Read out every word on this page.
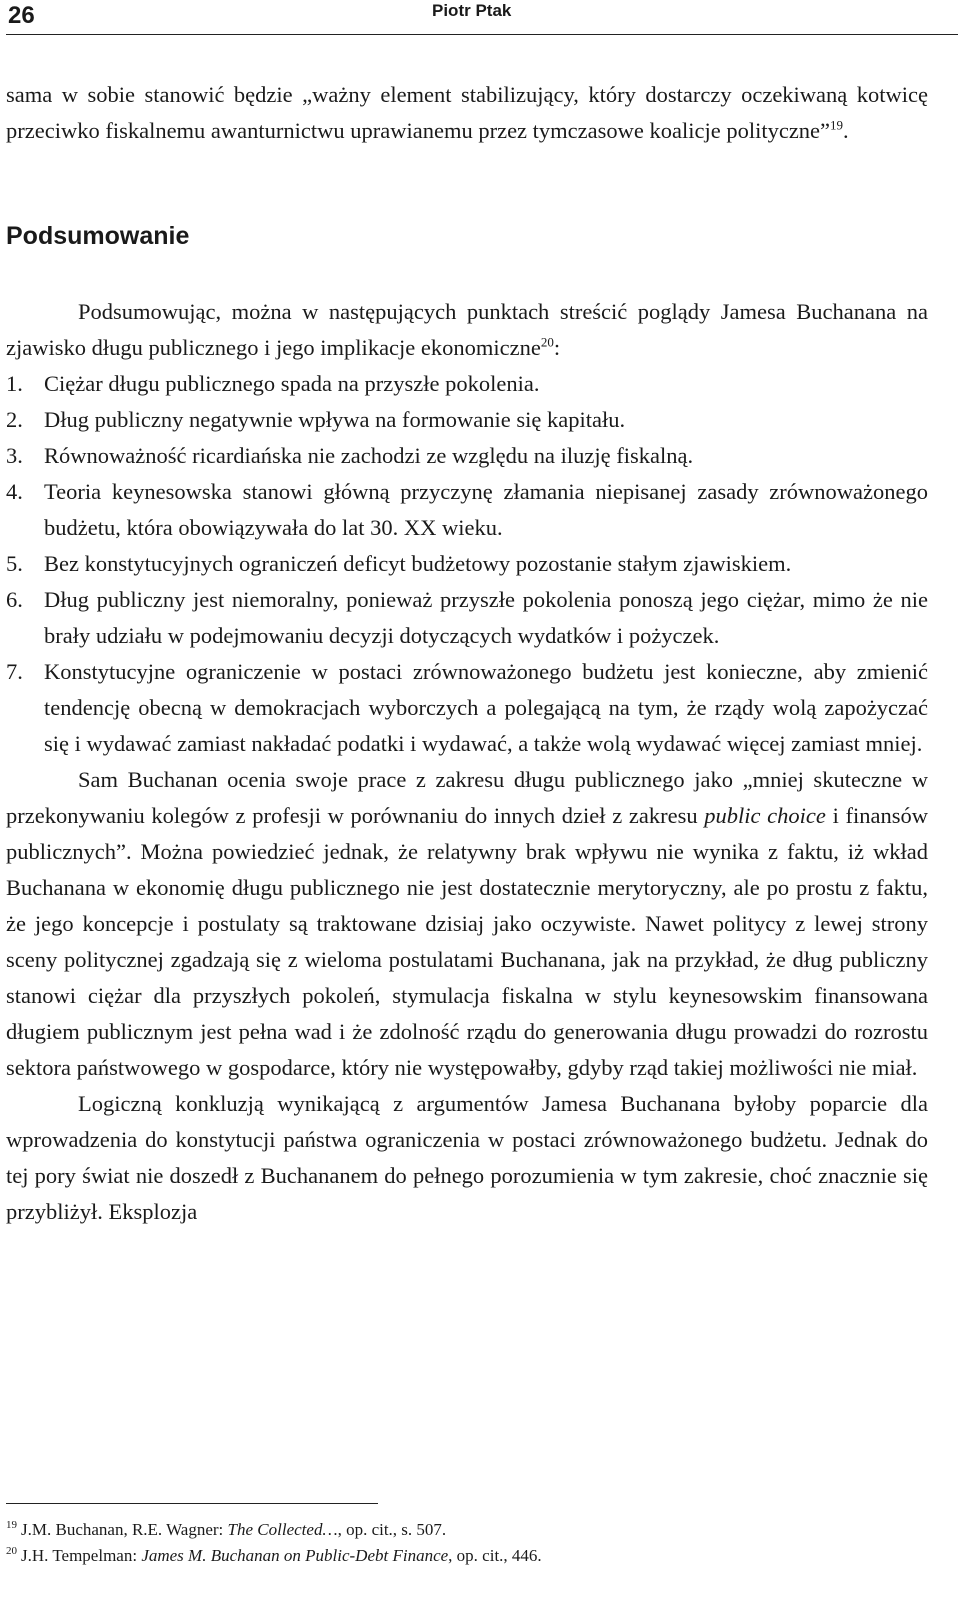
26	Piotr Ptak

sama w sobie stanowić będzie „ważny element stabilizujący, który dostarczy oczekiwaną kotwicę przeciwko fiskalnemu awanturnictwu uprawianemu przez tymczasowe koalicje polityczne”$^{19}$.

Podsumowanie

Podsumowując, można w następujących punktach streścić poglądy Jamesa Buchanana na zjawisko długu publicznego i jego implikacje ekonomiczne$^{20}$:

1. Ciężar długu publicznego spada na przyszłe pokolenia.
2. Dług publiczny negatywnie wpływa na formowanie się kapitału.
3. Równoważność ricardiańska nie zachodzi ze względu na iluzję fiskalną.
4. Teoria keynesowska stanowi główną przyczynę złamania niepisanej zasady zrównoważonego budżetu, która obowiązywała do lat 30. XX wieku.
5. Bez konstytucyjnych ograniczeń deficyt budżetowy pozostanie stałym zjawiskiem.
6. Dług publiczny jest niemoralny, ponieważ przyszłe pokolenia ponoszą jego ciężar, mimo że nie brały udziału w podejmowaniu decyzji dotyczących wydatków i pożyczek.
7. Konstytucyjne ograniczenie w postaci zrównoważonego budżetu jest konieczne, aby zmienić tendencję obecną w demokracjach wyborczych a polegającą na tym, że rządy wolą zapożyczać się i wydawać zamiast nakładać podatki i wydawać, a także wolą wydawać więcej zamiast mniej.

Sam Buchanan ocenia swoje prace z zakresu długu publicznego jako „mniej skuteczne w przekonywaniu kolegów z profesji w porównaniu do innych dzieł z zakresu public choice i finansów publicznych”. Można powiedzieć jednak, że relatywny brak wpływu nie wynika z faktu, iż wkład Buchanana w ekonomię długu publicznego nie jest dostatecznie merytoryczny, ale po prostu z faktu, że jego koncepcje i postulaty są traktowane dzisiaj jako oczywiste. Nawet politycy z lewej strony sceny politycznej zgadzają się z wieloma postulatami Buchanana, jak na przykład, że dług publiczny stanowi ciężar dla przyszłych pokoleń, stymulacja fiskalna w stylu keynesowskim finansowana długiem publicznym jest pełna wad i że zdolność rządu do generowania długu prowadzi do rozrostu sektora państwowego w gospodarce, który nie występowałby, gdyby rząd takiej możliwości nie miał.

Logiczną konkluzją wynikającą z argumentów Jamesa Buchanana byłoby poparcie dla wprowadzenia do konstytucji państwa ograniczenia w postaci zrównoważonego budżetu. Jednak do tej pory świat nie doszedł z Buchananem do pełnego porozumienia w tym zakresie, choć znacznie się przybliżył. Eksplozja

$^{19}$ J.M. Buchanan, R.E. Wagner: The Collected…, op. cit., s. 507.
$^{20}$ J.H. Tempelman: James M. Buchanan on Public-Debt Finance, op. cit., 446.
